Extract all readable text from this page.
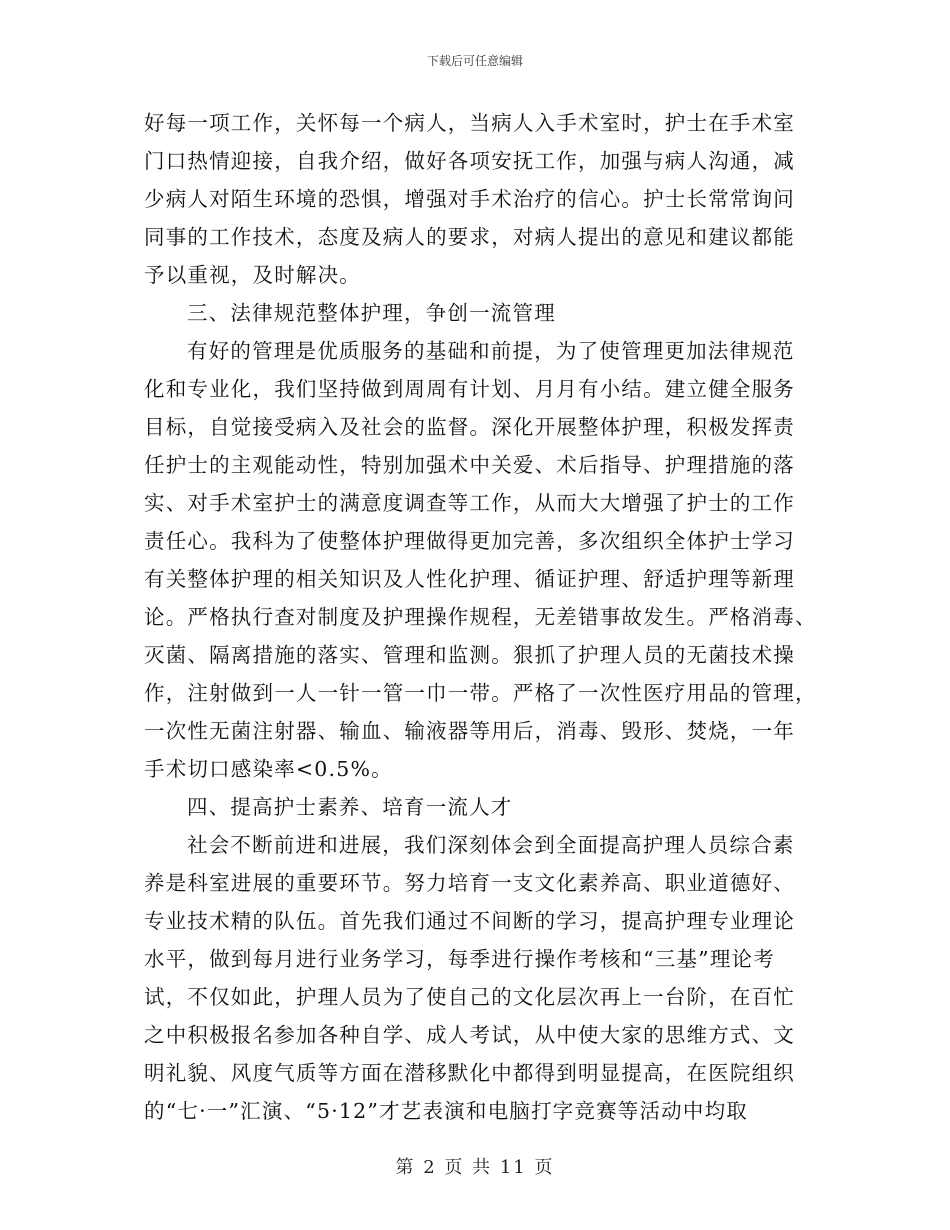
下载后可任意编辑
好每一项工作，关怀每一个病人，当病人入手术室时，护士在手术室
门口热情迎接，自我介绍，做好各项安抚工作，加强与病人沟通，减
少病人对陌生环境的恐惧，增强对手术治疗的信心。护士长常常询问
同事的工作技术，态度及病人的要求，对病人提出的意见和建议都能
予以重视，及时解决。
三、法律规范整体护理，争创一流管理
有好的管理是优质服务的基础和前提，为了使管理更加法律规范
化和专业化，我们坚持做到周周有计划、月月有小结。建立健全服务
目标，自觉接受病入及社会的监督。深化开展整体护理，积极发挥责
任护士的主观能动性，特别加强术中关爱、术后指导、护理措施的落
实、对手术室护士的满意度调查等工作，从而大大增强了护士的工作
责任心。我科为了使整体护理做得更加完善，多次组织全体护士学习
有关整体护理的相关知识及人性化护理、循证护理、舒适护理等新理
论。严格执行查对制度及护理操作规程，无差错事故发生。严格消毒、
灭菌、隔离措施的落实、管理和监测。狠抓了护理人员的无菌技术操
作，注射做到一人一针一管一巾一带。严格了一次性医疗用品的管理，
一次性无菌注射器、输血、输液器等用后，消毒、毁形、焚烧，一年
手术切口感染率<0.5%。
四、提高护士素养、培育一流人才
社会不断前进和进展，我们深刻体会到全面提高护理人员综合素
养是科室进展的重要环节。努力培育一支文化素养高、职业道德好、
专业技术精的队伍。首先我们通过不间断的学习，提高护理专业理论
水平，做到每月进行业务学习，每季进行操作考核和“三基”理论考
试，不仅如此，护理人员为了使自己的文化层次再上一台阶，在百忙
之中积极报名参加各种自学、成人考试，从中使大家的思维方式、文
明礼貌、风度气质等方面在潜移默化中都得到明显提高，在医院组织
的“七·一”汇演、“5·12”才艺表演和电脑打字竞赛等活动中均取
第 2 页 共 11 页
